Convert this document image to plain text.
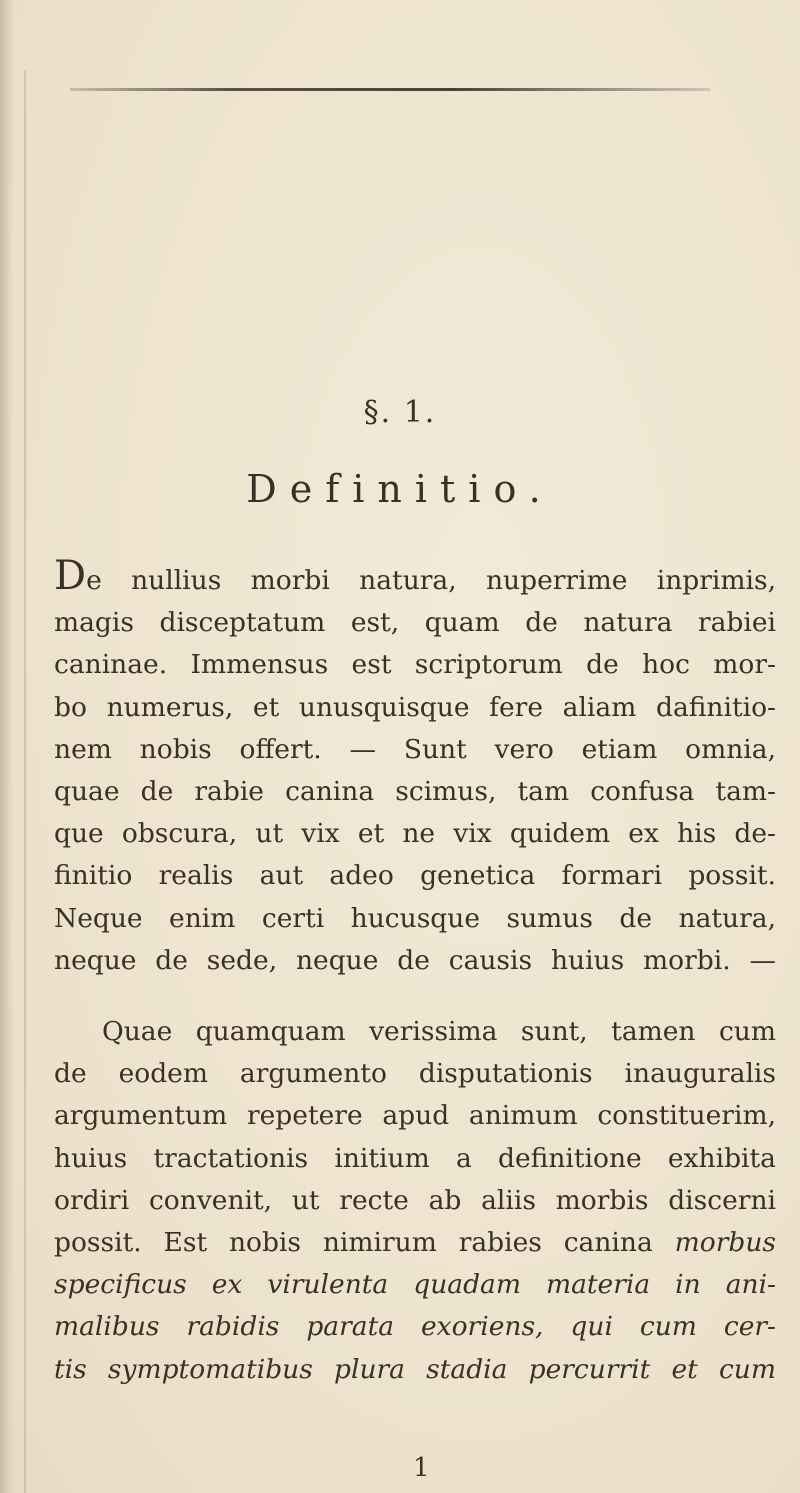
§. 1.
Definitio.
De nullius morbi natura, nuperrime inprimis,
magis disceptatum est, quam de natura rabiei
caninae. Immensus est scriptorum de hoc mor-
bo numerus, et unusquisque fere aliam dafinitio-
nem nobis offert. — Sunt vero etiam omnia,
quae de rabie canina scimus, tam confusa tam-
que obscura, ut vix et ne vix quidem ex his de-
finitio realis aut adeo genetica formari possit.
Neque enim certi hucusque sumus de natura,
neque de sede, neque de causis huius morbi. —
Quae quamquam verissima sunt, tamen cum
de eodem argumento disputationis inauguralis
argumentum repetere apud animum constituerim,
huius tractationis initium a definitione exhibita
ordiri convenit, ut recte ab aliis morbis discerni
possit. Est nobis nimirum rabies canina morbus
specificus ex virulenta quadam materia in ani-
malibus rabidis parata exoriens, qui cum cer-
tis symptomatibus plura stadia percurrit et cum
1
